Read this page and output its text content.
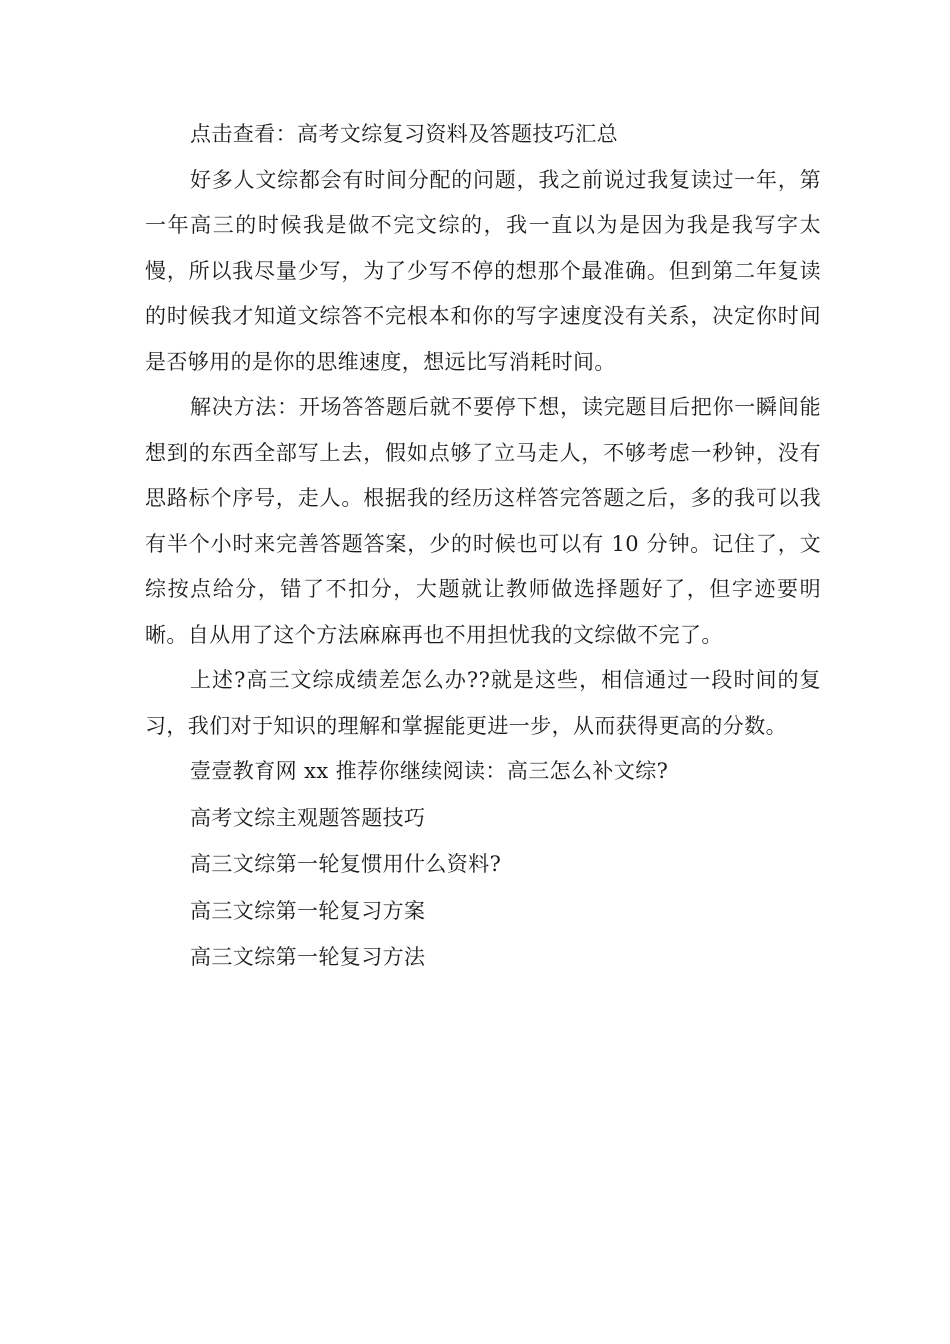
点击查看：高考文综复习资料及答题技巧汇总

好多人文综都会有时间分配的问题，我之前说过我复读过一年，第一年高三的时候我是做不完文综的，我一直以为是因为我是我写字太慢，所以我尽量少写，为了少写不停的想那个最准确。但到第二年复读的时候我才知道文综答不完根本和你的写字速度没有关系，决定你时间是否够用的是你的思维速度，想远比写消耗时间。

解决方法：开场答答题后就不要停下想，读完题目后把你一瞬间能想到的东西全部写上去，假如点够了立马走人，不够考虑一秒钟，没有思路标个序号，走人。根据我的经历这样答完答题之后，多的我可以我有半个小时来完善答题答案，少的时候也可以有 10 分钟。记住了，文综按点给分，错了不扣分，大题就让教师做选择题好了，但字迹要明晰。自从用了这个方法麻麻再也不用担忧我的文综做不完了。

上述?高三文综成绩差怎么办??就是这些，相信通过一段时间的复习，我们对于知识的理解和掌握能更进一步，从而获得更高的分数。

壹壹教育网 xx 推荐你继续阅读：高三怎么补文综?

高考文综主观题答题技巧

高三文综第一轮复惯用什么资料?

高三文综第一轮复习方案

高三文综第一轮复习方法
